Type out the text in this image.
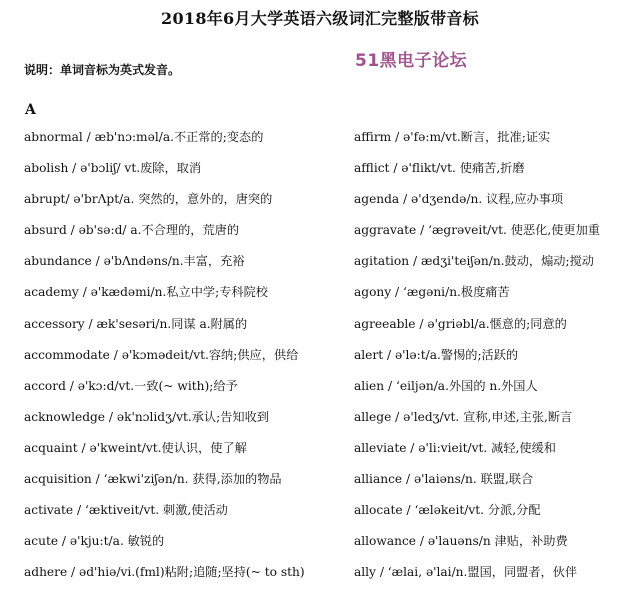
2018年6月大学英语六级词汇完整版带音标
51黑电子论坛
说明：单词音标为英式发音。
A
abnormal / æb'nɔ:məl/a.不正常的;变态的
abolish / ə'bɔliʃ/ vt.废除，取消
abrupt/ ə'brΛpt/a. 突然的，意外的，唐突的
absurd / əb'sə:d/ a.不合理的，荒唐的
abundance / ə'bΛndəns/n.丰富，充裕
academy / ə'kædəmi/n.私立中学;专科院校
accessory / æk'sesəri/n.同谋 a.附属的
accommodate / ə'kɔmədeit/vt.容纳;供应，供给
accord / ə'kɔ:d/vt.一致(~ with);给予
acknowledge / ək'nɔlidʒ/vt.承认;告知收到
acquaint / ə'kweint/vt.使认识，使了解
acquisition / ‘ækwi'ziʃən/n. 获得,添加的物品
activate / ‘æktiveit/vt. 刺激,使活动
acute / ə'kju:t/a. 敏锐的
adhere / əd'hiə/vi.(fml)粘附;追随;坚持(~ to sth)
affirm / ə'fə:m/vt.断言，批准;证实
afflict / ə'flikt/vt. 使痛苦,折磨
agenda / ə'dʒendə/n. 议程,应办事项
aggravate / ‘ægrəveit/vt. 使恶化,使更加重
agitation / ædʒi'teiʃən/n.鼓动，煽动;搅动
agony / ‘ægəni/n.极度痛苦
agreeable / ə'griəbl/a.惬意的;同意的
alert / ə'lə:t/a.警惕的;活跃的
alien / ‘eiljən/a.外国的 n.外国人
allege / ə'ledʒ/vt. 宣称,申述,主张,断言
alleviate / ə'li:vieit/vt. 减轻,使缓和
alliance / ə'laiəns/n. 联盟,联合
allocate / ‘æləkeit/vt. 分派,分配
allowance / ə'lauəns/n 津贴，补助费
ally / ‘ælai, ə'lai/n.盟国，同盟者，伙伴
